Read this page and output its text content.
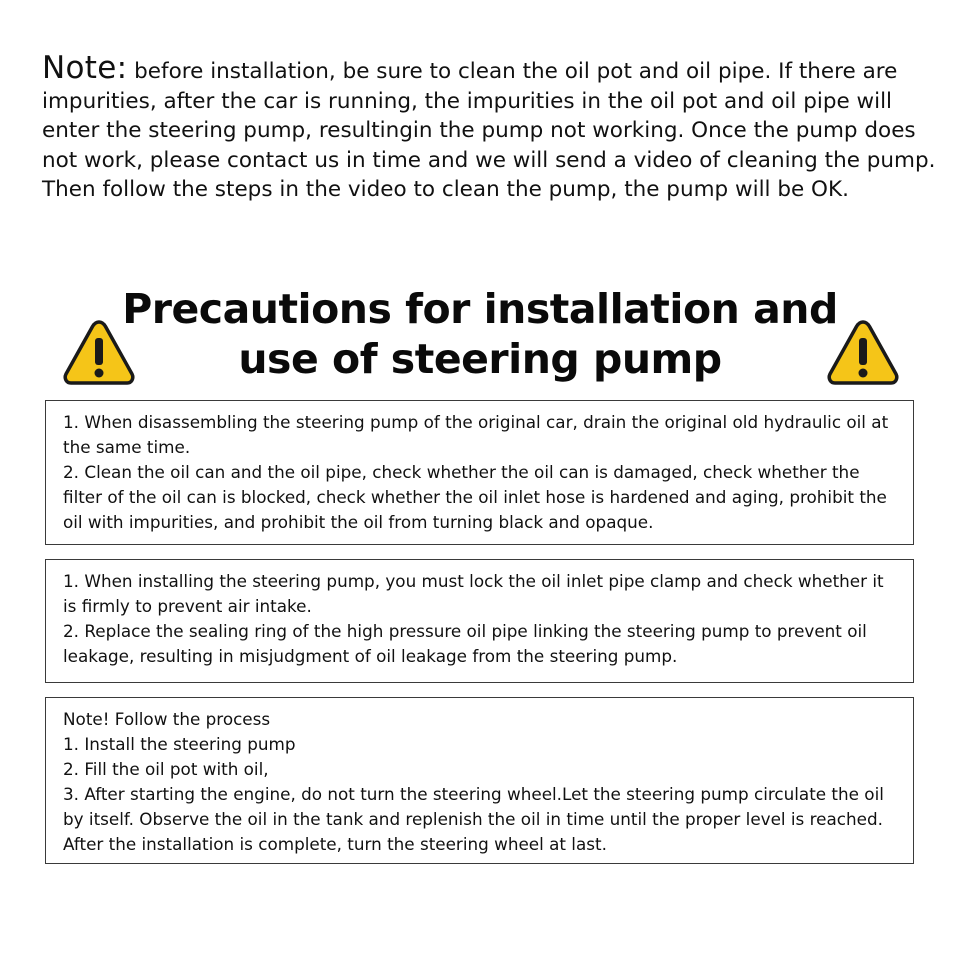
Note: before installation, be sure to clean the oil pot and oil pipe. If there are impurities, after the car is running, the impurities in the oil pot and oil pipe will enter the steering pump, resultingin the pump not working. Once the pump does not work, please contact us in time and we will send a video of cleaning the pump. Then follow the steps in the video to clean the pump, the pump will be OK.

Precautions for installation and
use of steering pump

1. When disassembling the steering pump of the original car, drain the original old hydraulic oil at the same time.

2. Clean the oil can and the oil pipe, check whether the oil can is damaged, check whether the filter of the oil can is blocked, check whether the oil inlet hose is hardened and aging, prohibit the oil with impurities, and prohibit the oil from turning black and opaque.

1. When installing the steering pump, you must lock the oil inlet pipe clamp and check whether it is firmly to prevent air intake.

2. Replace the sealing ring of the high pressure oil pipe linking the steering pump to prevent oil leakage, resulting in misjudgment of oil leakage from the steering pump.

Note! Follow the process

1. Install the steering pump

2. Fill the oil pot with oil,

3. After starting the engine, do not turn the steering wheel.Let the steering pump circulate the oil by itself. Observe the oil in the tank and replenish the oil in time until the proper level is reached. After the installation is complete, turn the steering wheel at last.
